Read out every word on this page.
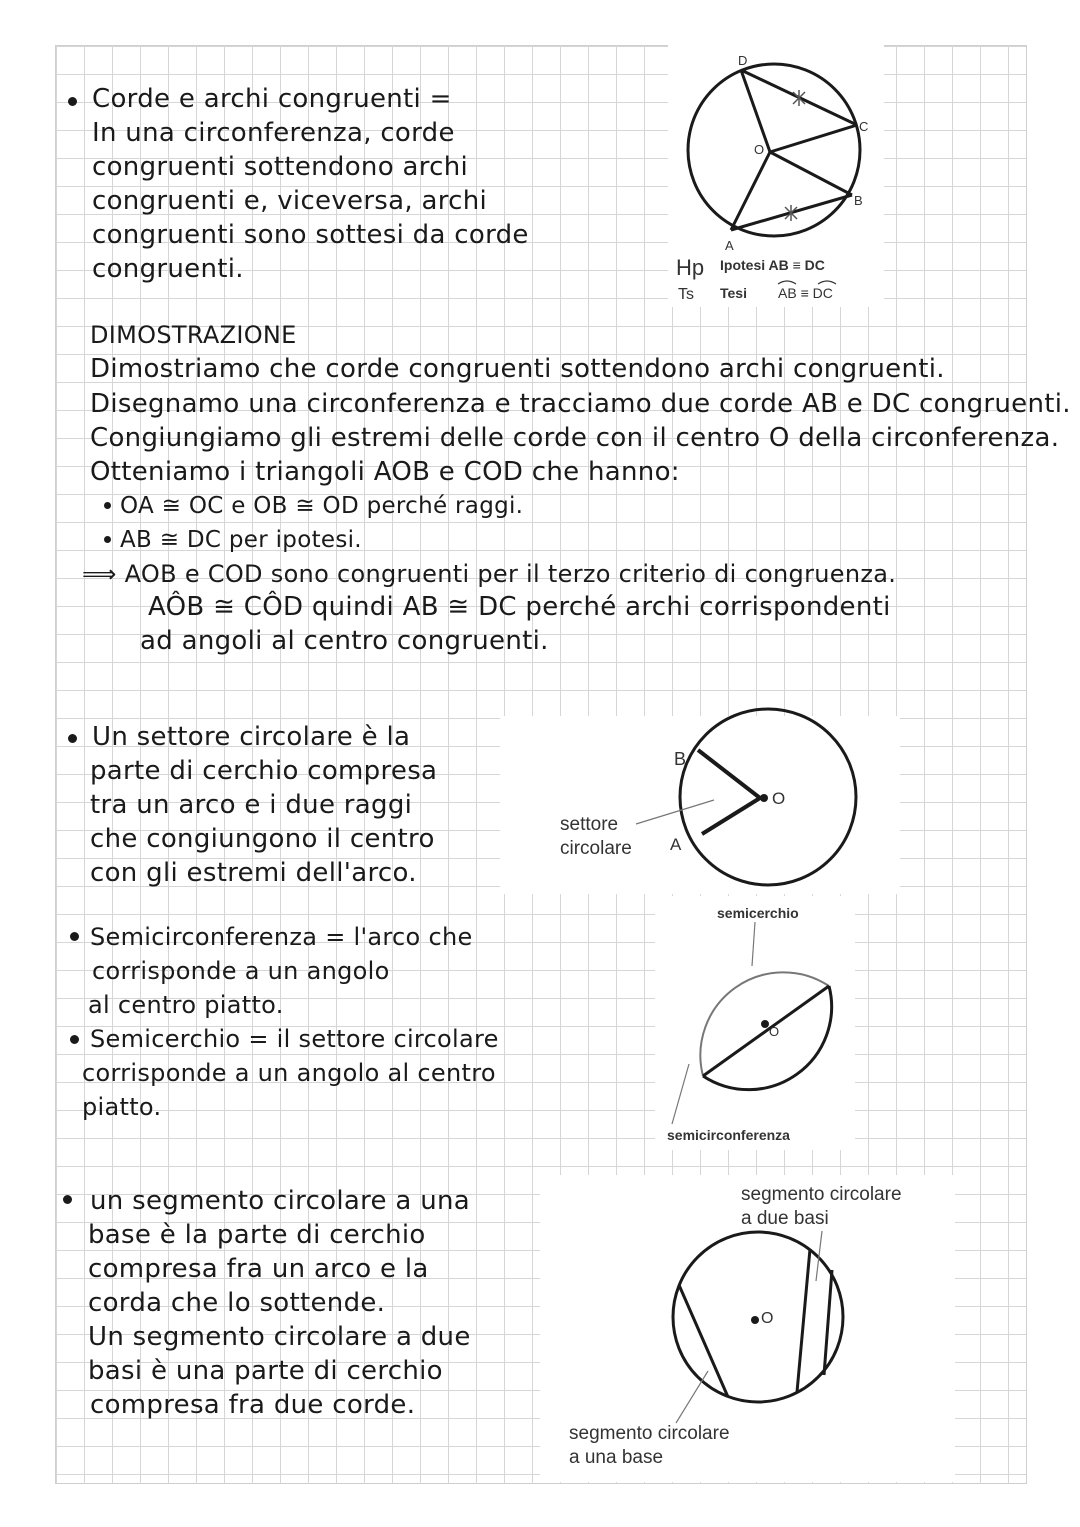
Corde e archi congruenti =

In una circonferenza, corde

congruenti sottendono archi

congruenti e, viceversa, archi

congruenti sono sottesi da corde

congruenti.

D
C
O
B
A
Hp
Ts
Ipotesi AB ≡ DC
Tesi AB ≡ DC

DIMOSTRAZIONE

Dimostriamo che corde congruenti sottendono archi congruenti.

Disegnamo una circonferenza e tracciamo due corde AB e DC congruenti.

Congiungiamo gli estremi delle corde con il centro O della circonferenza.

Otteniamo i triangoli AOB e COD che hanno:

OA ≅ OC e OB ≅ OD perché raggi.

AB ≅ DC per ipotesi.

⟹ AOB e COD sono congruenti per il terzo criterio di congruenza.

AÔB ≅ CÔD quindi AB ≅ DC perché archi corrispondenti

ad angoli al centro congruenti.

Un settore circolare è la

parte di cerchio compresa

tra un arco e i due raggi

che congiungono il centro

con gli estremi dell'arco.

B
A
O
settore
circolare

Semicirconferenza = l'arco che

corrisponde a un angolo

al centro piatto.

Semicerchio = il settore circolare

corrisponde a un angolo al centro

piatto.

O
semicerchio
semicirconferenza

un segmento circolare a una

base è la parte di cerchio

compresa fra un arco e la

corda che lo sottende.

Un segmento circolare a due

basi è una parte di cerchio

compresa fra due corde.

O
segmento circolare
a due basi
segmento circolare
a una base
